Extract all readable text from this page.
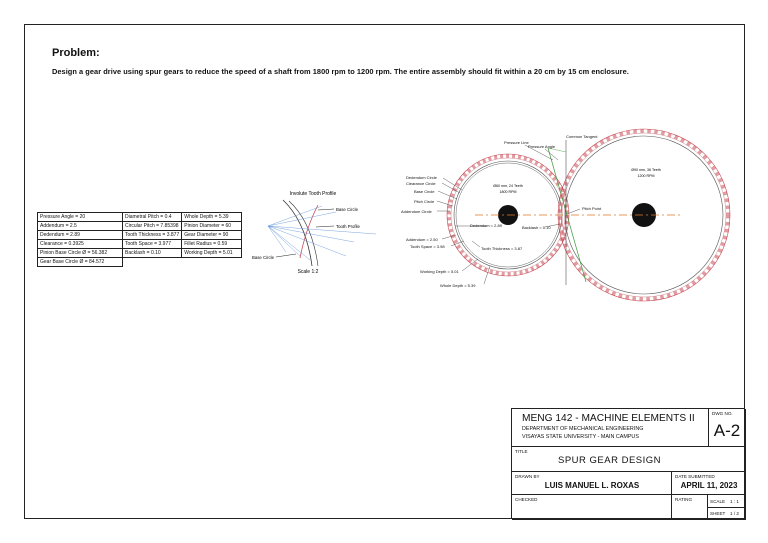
Problem:
Design a gear drive using spur gears to reduce the speed of a shaft from 1800 rpm to 1200 rpm. The entire assembly should fit within a 20 cm by 15 cm enclosure.
Pressure Angle = 20	Diametral Pitch = 0.4	Whole Depth = 5.39
Addendum = 2.5	Circular Pitch = 7.85398	Pinion Diameter = 60
Dedendum = 2.89	Tooth Thickness = 3.877	Gear Diameter = 90
Clearance = 0.3925	Tooth Space = 3.977	Fillet Radius = 0.59
Pinion Base Circle Ø = 56.382	Backlash = 0.10	Working Depth = 5.01
Gear Base Circle Ø = 84.572		
Involute Tooth Profile
Base Circle
Tooth Profile
Base Circle
Scale 1:2
Ø60 mm, 24 Teeth
1800 RPM
Ø90 mm, 36 Teeth
1200 RPM
Pressure Line
Common Tangent
Pressure Angle
Dedendum Circle
Clearance Circle
Base Circle
Pitch Circle
Addendum Circle
Pitch Point
Dedendum = 2.89	Backlash = 0.10
Addendum = 2.50
Tooth Space = 3.98	Tooth Thickness = 3.87
Working Depth = 5.01
Whole Depth = 5.39
MENG 142 - MACHINE ELEMENTS II
DEPARTMENT OF MECHANICAL ENGINEERING
VISAYAS STATE UNIVERSITY - MAIN CAMPUS
DWG NO.
A-2
TITLE
SPUR GEAR DESIGN
DRAWN BY
LUIS MANUEL L. ROXAS
DATE SUBMITTED
APRIL 11, 2023
CHECKED	RATING	SCALE 1 : 1
SHEET 1 / 2
